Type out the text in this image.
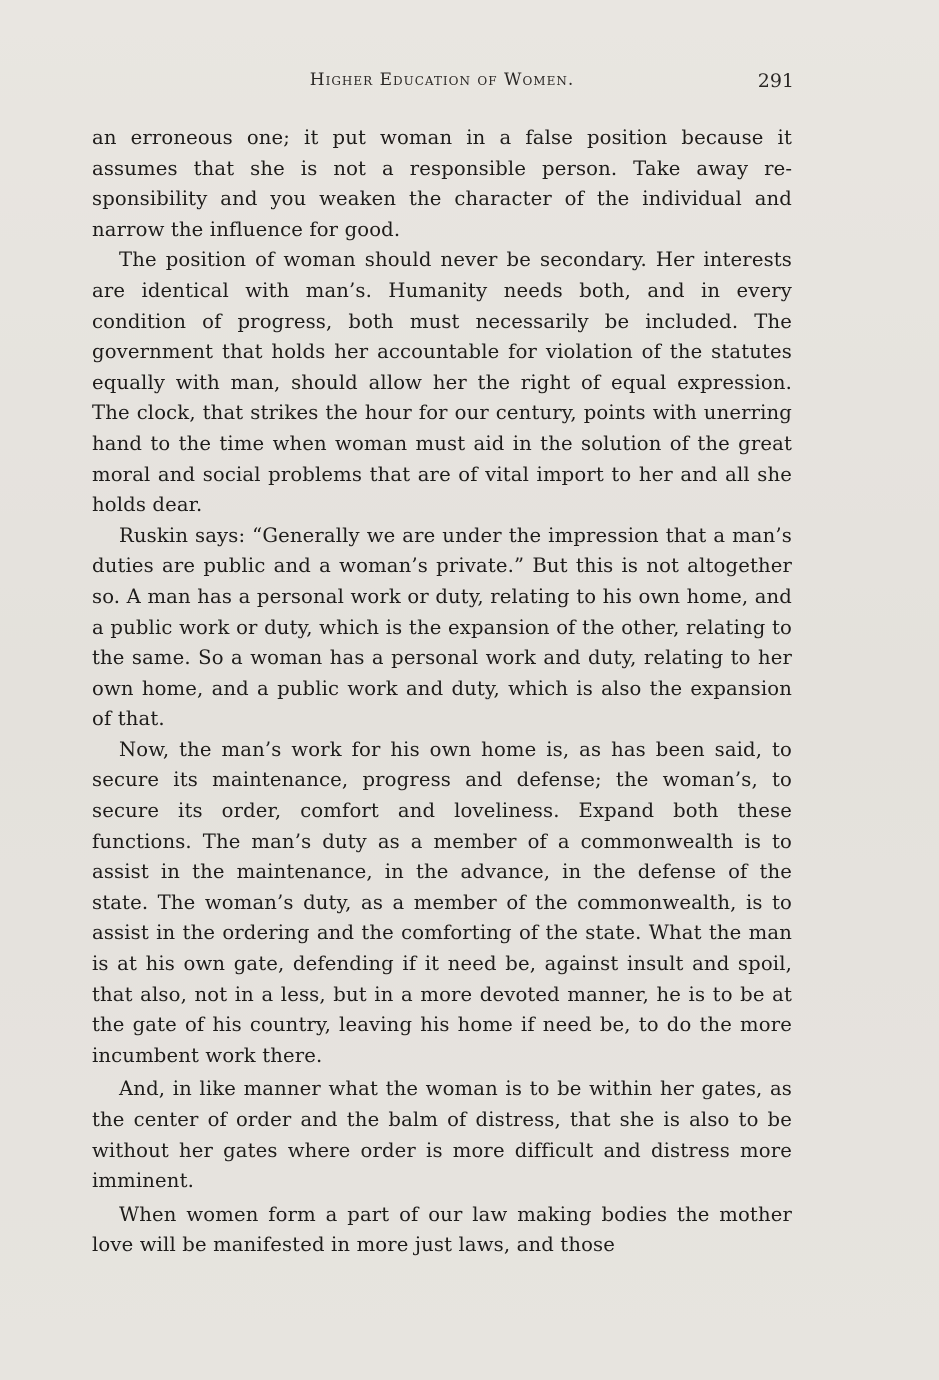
Higher Education of Women.	291

an erroneous one; it put woman in a false position because it assumes that she is not a responsible person. Take away responsibility and you weaken the character of the individual and narrow the influence for good.

The position of woman should never be secondary. Her interests are identical with man’s. Humanity needs both, and in every condition of progress, both must necessarily be included. The government that holds her accountable for violation of the statutes equally with man, should allow her the right of equal expression. The clock, that strikes the hour for our century, points with unerring hand to the time when woman must aid in the solution of the great moral and social problems that are of vital import to her and all she holds dear.

Ruskin says: “Generally we are under the impression that a man’s duties are public and a woman’s private.” But this is not altogether so. A man has a personal work or duty, relating to his own home, and a public work or duty, which is the expansion of the other, relating to the same. So a woman has a personal work and duty, relating to her own home, and a public work and duty, which is also the expansion of that.

Now, the man’s work for his own home is, as has been said, to secure its maintenance, progress and defense; the woman’s, to secure its order, comfort and loveliness. Expand both these functions. The man’s duty as a member of a commonwealth is to assist in the maintenance, in the advance, in the defense of the state. The woman’s duty, as a member of the commonwealth, is to assist in the ordering and the comforting of the state. What the man is at his own gate, defending if it need be, against insult and spoil, that also, not in a less, but in a more devoted manner, he is to be at the gate of his country, leaving his home if need be, to do the more incumbent work there.

And, in like manner what the woman is to be within her gates, as the center of order and the balm of distress, that she is also to be without her gates where order is more difficult and distress more imminent.

When women form a part of our law making bodies the mother love will be manifested in more just laws, and those
